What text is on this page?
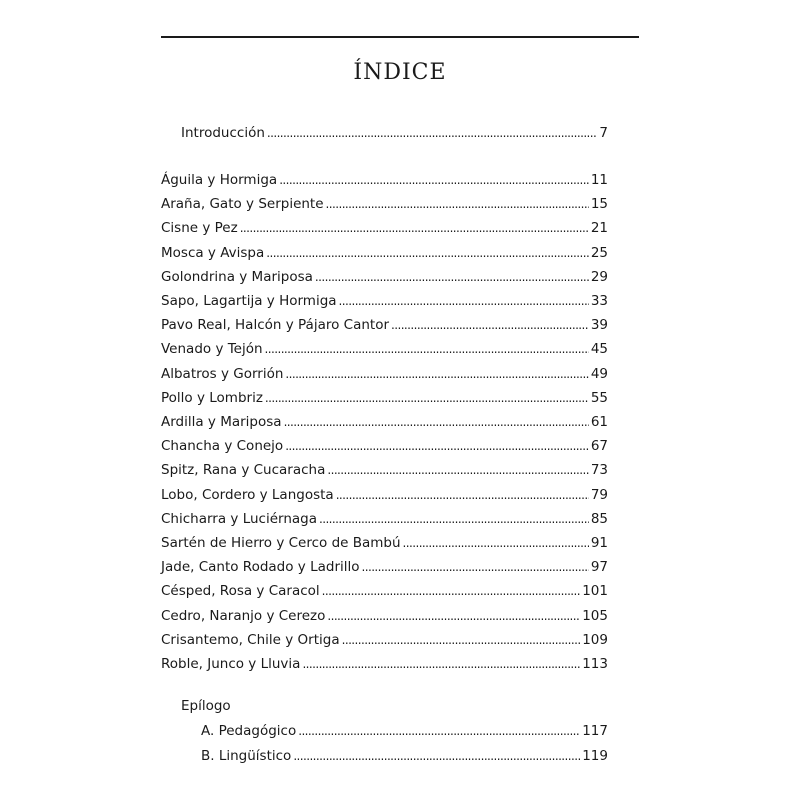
ÍNDICE
Introducción . . .	7
Águila y Hormiga . . .	11
Araña, Gato y Serpiente . . .	15
Cisne y Pez . . .	21
Mosca y Avispa . . .	25
Golondrina y Mariposa . . .	29
Sapo, Lagartija y Hormiga . . .	33
Pavo Real, Halcón y Pájaro Cantor . . .	39
Venado y Tejón . . .	45
Albatros y Gorrión . . .	49
Pollo y Lombriz . . .	55
Ardilla y Mariposa . . .	61
Chancha y Conejo . . .	67
Spitz, Rana y Cucaracha . . .	73
Lobo, Cordero y Langosta . . .	79
Chicharra y Luciérnaga . . .	85
Sartén de Hierro y Cerco de Bambú . . .	91
Jade, Canto Rodado y Ladrillo . . .	97
Césped, Rosa y Caracol . . .	101
Cedro, Naranjo y Cerezo . . .	105
Crisantemo, Chile y Ortiga . . .	109
Roble, Junco y Lluvia . . .	113
Epílogo
A. Pedagógico . . .	117
B. Lingüístico . . .	119
